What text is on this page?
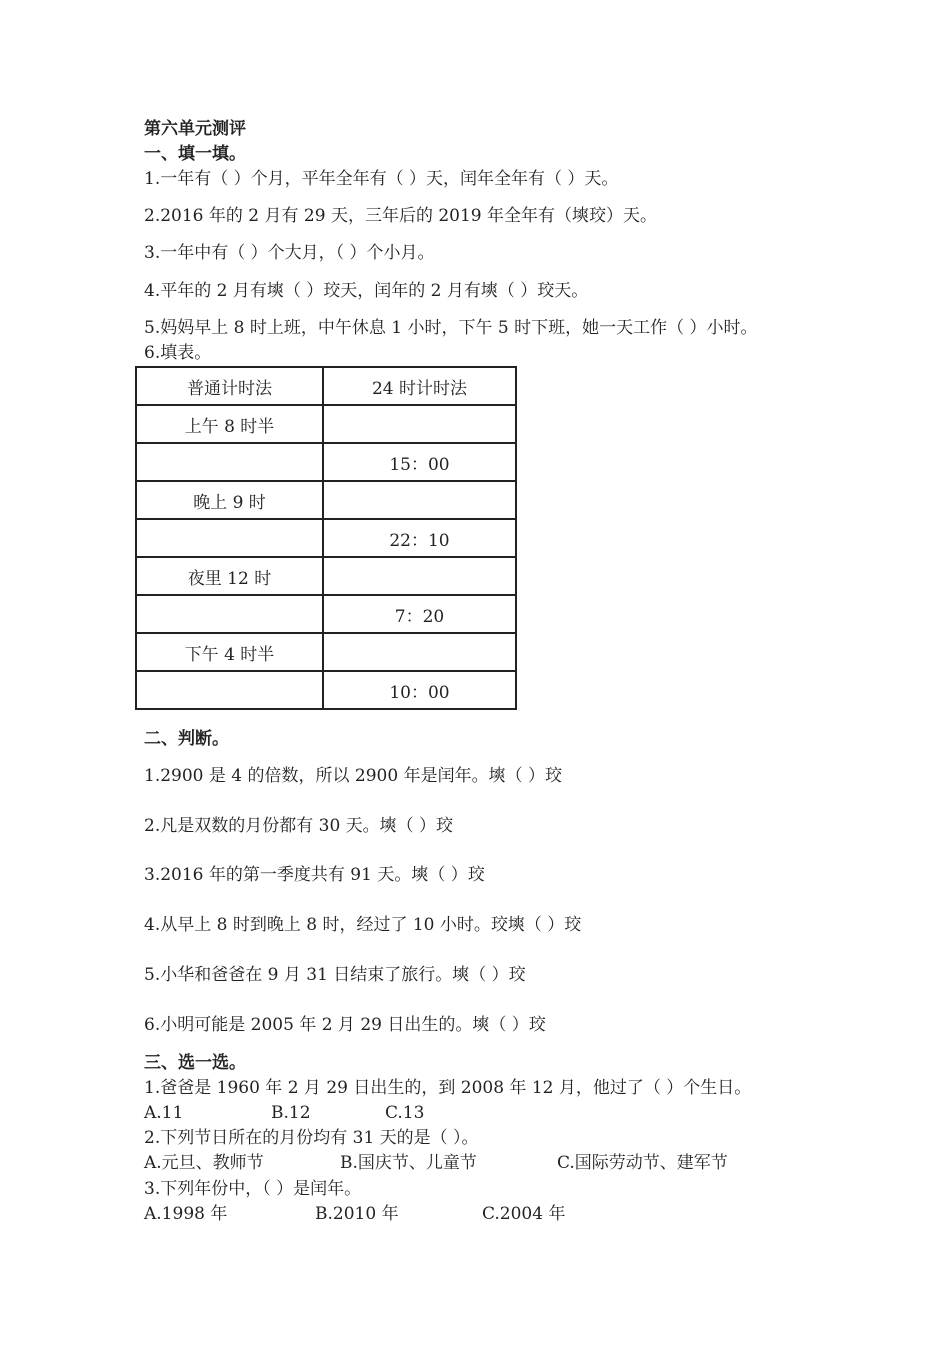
第六单元测评
一、填一填。
1.一年有（ ）个月，平年全年有（ ）天，闰年全年有（ ）天。
2.2016 年的 2 月有 29 天，三年后的 2019 年全年有（塽珓）天。
3.一年中有（ ）个大月，（ ）个小月。
4.平年的 2 月有塽（ ）珓天，闰年的 2 月有塽（ ）珓天。
5.妈妈早上 8 时上班，中午休息 1 小时，下午 5 时下班，她一天工作（ ）小时。
6.填表。
普通计时法	24 时计时法
上午 8 时半	
	15：00
晚上 9 时	
	22：10
夜里 12 时	
	7：20
下午 4 时半	
	10：00
二、判断。
1.2900 是 4 的倍数，所以 2900 年是闰年。塽（ ）珓
2.凡是双数的月份都有 30 天。塽（ ）珓
3.2016 年的第一季度共有 91 天。塽（ ）珓
4.从早上 8 时到晚上 8 时，经过了 10 小时。珓塽（ ）珓
5.小华和爸爸在 9 月 31 日结束了旅行。塽（ ）珓
6.小明可能是 2005 年 2 月 29 日出生的。塽（ ）珓
三、选一选。
1.爸爸是 1960 年 2 月 29 日出生的，到 2008 年 12 月，他过了（ ）个生日。
A.11	B.12	C.13
2.下列节日所在的月份均有 31 天的是（ ）。
A.元旦、教师节	B.国庆节、儿童节	C.国际劳动节、建军节
3.下列年份中，（ ）是闰年。
A.1998 年	B.2010 年	C.2004 年
